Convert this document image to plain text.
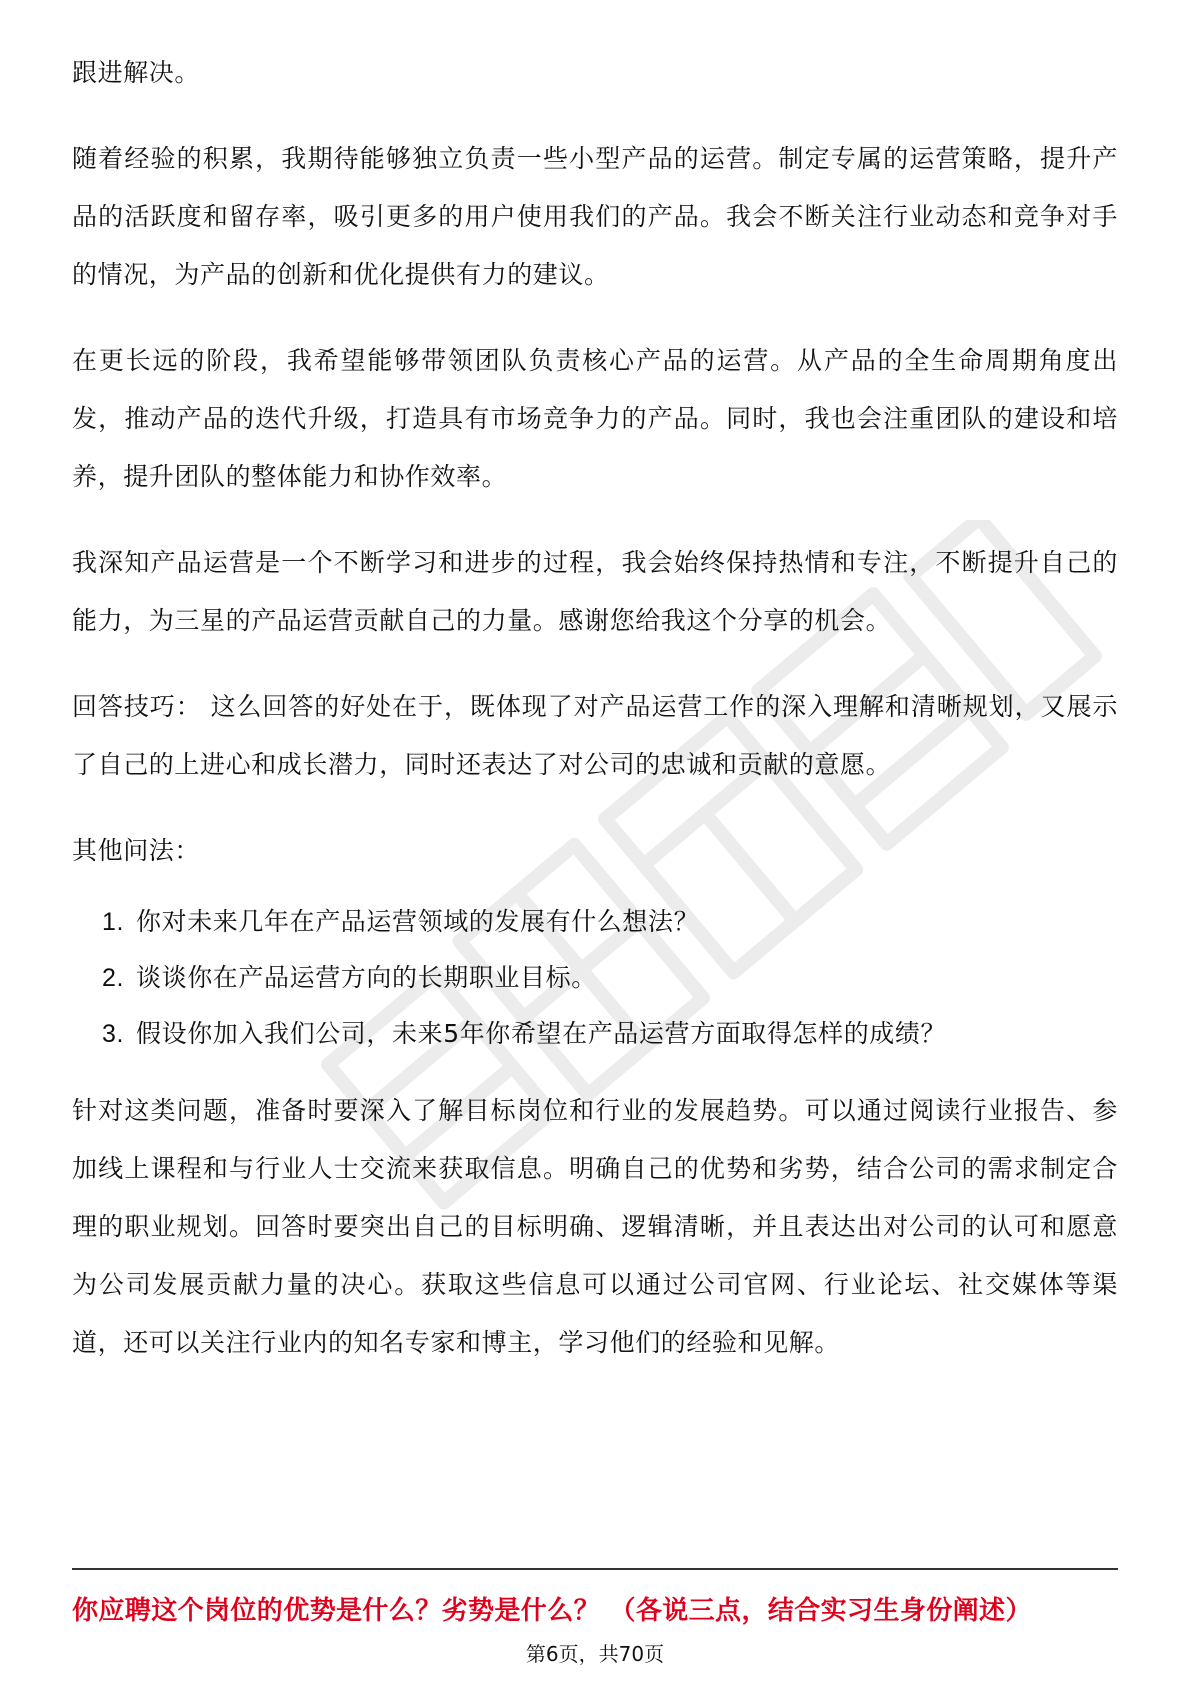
跟进解决。

随着经验的积累，我期待能够独立负责一些小型产品的运营。制定专属的运营策略，提升产品的活跃度和留存率，吸引更多的用户使用我们的产品。我会不断关注行业动态和竞争对手的情况，为产品的创新和优化提供有力的建议。

在更长远的阶段，我希望能够带领团队负责核心产品的运营。从产品的全生命周期角度出发，推动产品的迭代升级，打造具有市场竞争力的产品。同时，我也会注重团队的建设和培养，提升团队的整体能力和协作效率。

我深知产品运营是一个不断学习和进步的过程，我会始终保持热情和专注，不断提升自己的能力，为三星的产品运营贡献自己的力量。感谢您给我这个分享的机会。

回答技巧： 这么回答的好处在于，既体现了对产品运营工作的深入理解和清晰规划，又展示了自己的上进心和成长潜力，同时还表达了对公司的忠诚和贡献的意愿。

其他问法：

1. 你对未来几年在产品运营领域的发展有什么想法？
2. 谈谈你在产品运营方向的长期职业目标。
3. 假设你加入我们公司，未来5年你希望在产品运营方面取得怎样的成绩？

针对这类问题，准备时要深入了解目标岗位和行业的发展趋势。可以通过阅读行业报告、参加线上课程和与行业人士交流来获取信息。明确自己的优势和劣势，结合公司的需求制定合理的职业规划。回答时要突出自己的目标明确、逻辑清晰，并且表达出对公司的认可和愿意为公司发展贡献力量的决心。获取这些信息可以通过公司官网、行业论坛、社交媒体等渠道，还可以关注行业内的知名专家和博主，学习他们的经验和见解。

你应聘这个岗位的优势是什么？劣势是什么？ （各说三点，结合实习生身份阐述）
第6页，共70页
